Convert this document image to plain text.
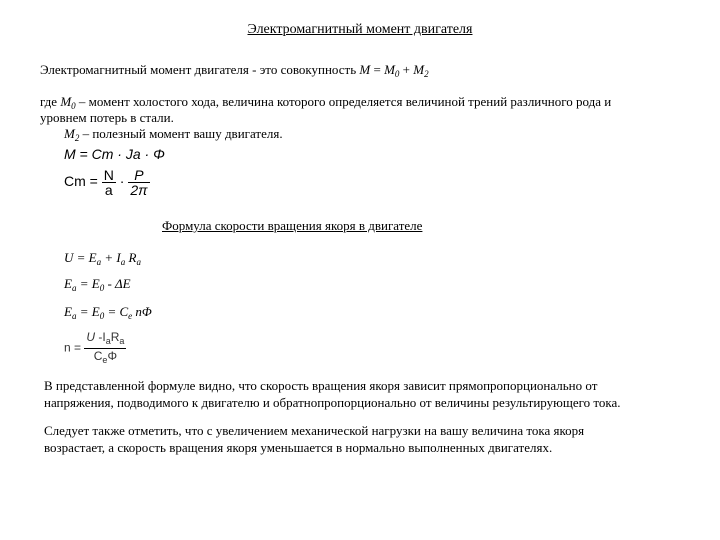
Электромагнитный момент двигателя
Электромагнитный момент двигателя - это совокупность $M = M_0 + M_2$
где $M_0$ – момент холостого хода, величина которого определяется величиной трений различного рода и
уровнем потерь в стали.
$M_2$ – полезный момент вашу двигателя.
M = Cm · Ja · Φ
$Cm = \frac{N}{a} \cdot \frac{P}{2\pi}$
Формула скорости вращения якоря в двигателе
$U = E_a + I_a$ $R_a$
$E_a = E_0 - \Delta E$
$E_a = E_0 = C_e$ nΦ
$n = \frac{U -I_aR_a}{C_e\Phi}$
В представленной формуле видно, что скорость вращения якоря зависит прямопропорционально от
напряжения, подводимого к двигателю и обратнопропорционально от величины результирующего тока.
Следует также отметить, что с увеличением механической нагрузки на вашу величина тока якоря
возрастает, а скорость вращения якоря уменьшается в нормально выполненных двигателях.
